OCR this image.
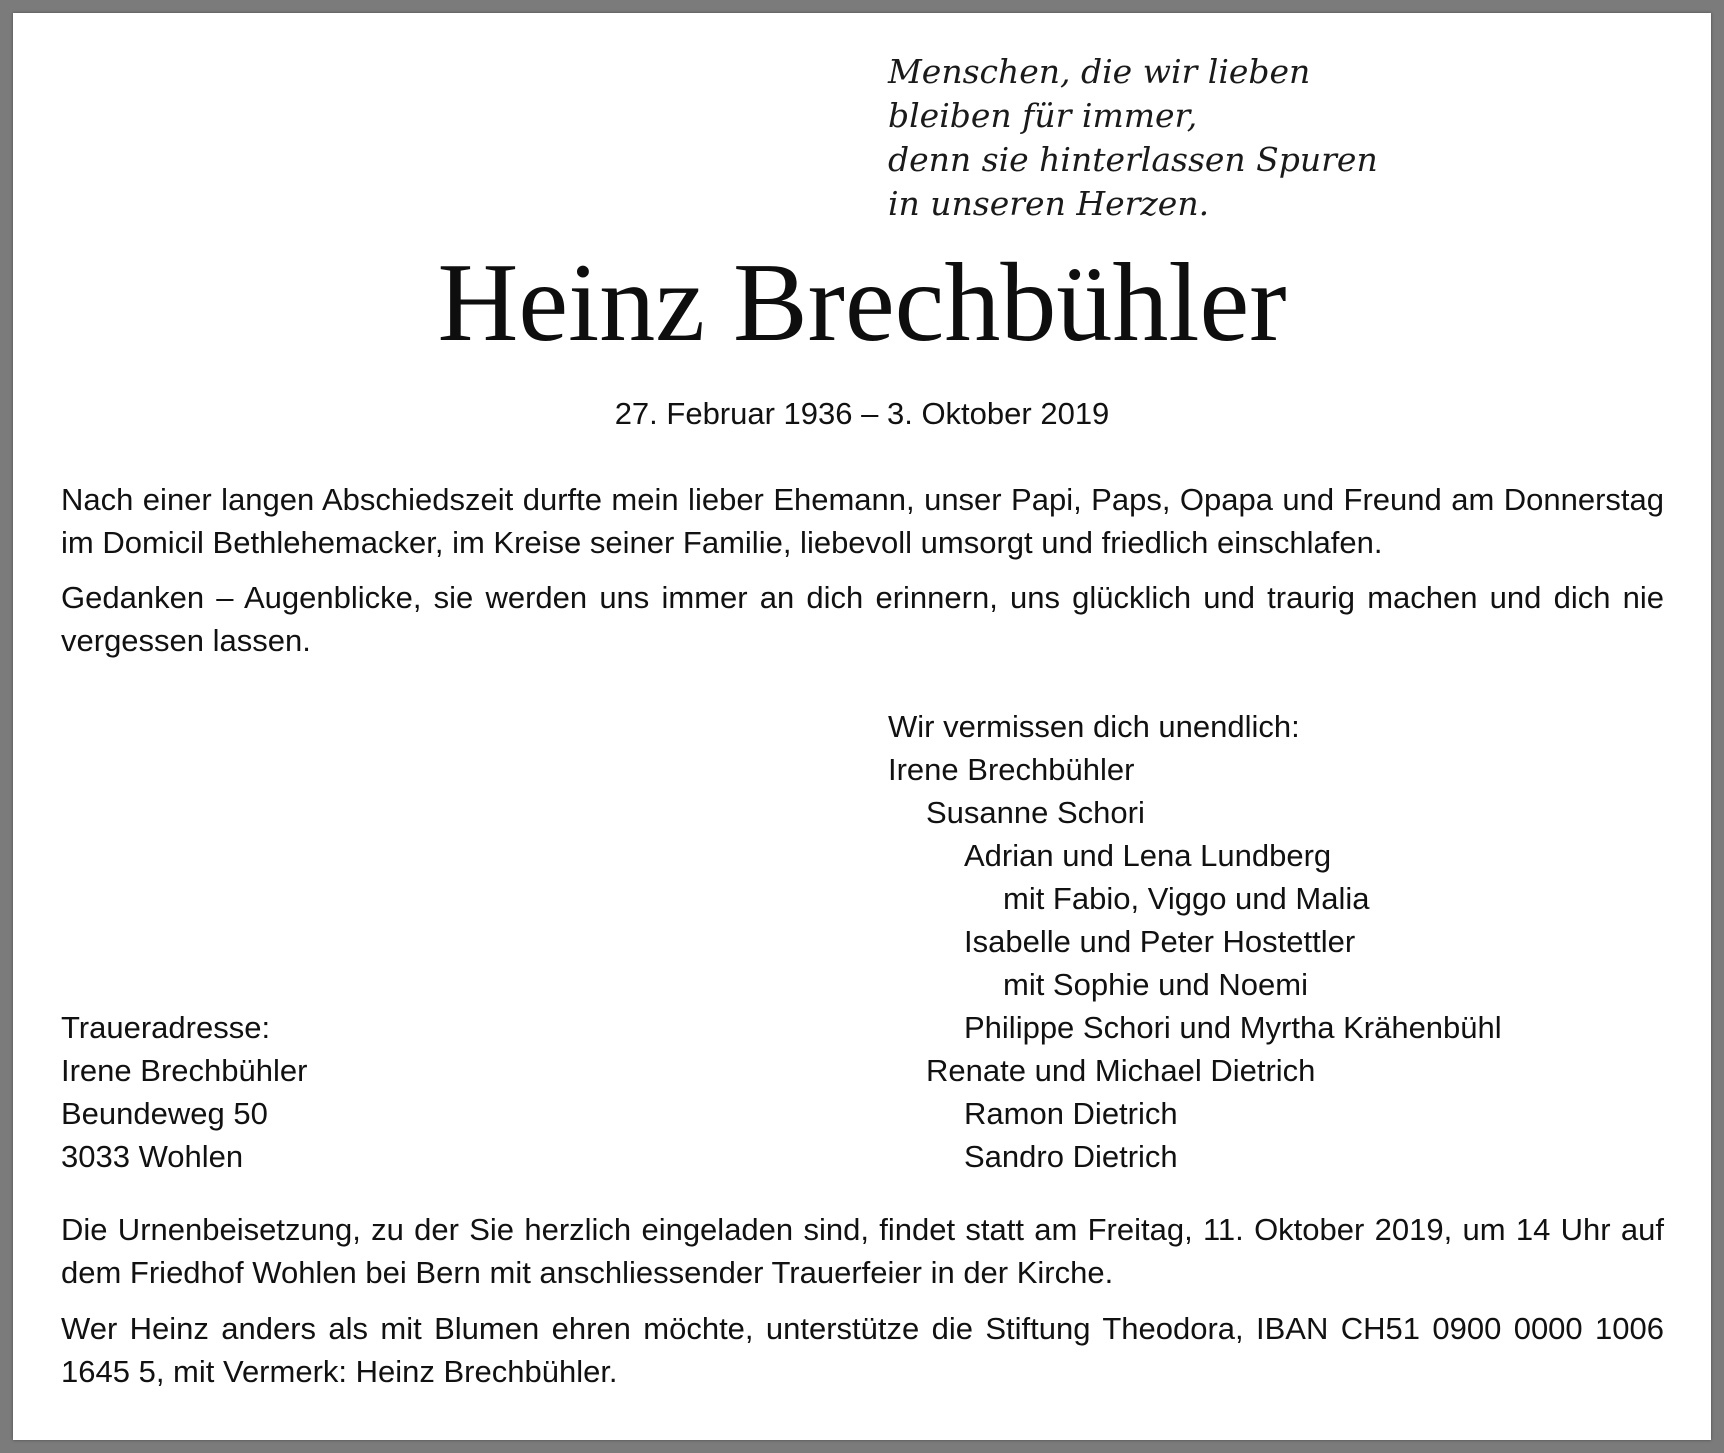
Menschen, die wir lieben
bleiben für immer,
denn sie hinterlassen Spuren
in unseren Herzen.
Heinz Brechbühler
27. Februar 1936 – 3. Oktober 2019
Nach einer langen Abschiedszeit durfte mein lieber Ehemann, unser Papi, Paps, Opapa und Freund am Donnerstag im Domicil Bethlehemacker, im Kreise seiner Familie, liebevoll umsorgt und friedlich einschlafen.
Gedanken – Augenblicke, sie werden uns immer an dich erinnern, uns glücklich und traurig machen und dich nie vergessen lassen.
Wir vermissen dich unendlich:
Irene Brechbühler
Susanne Schori
Adrian und Lena Lundberg
mit Fabio, Viggo und Malia
Isabelle und Peter Hostettler
mit Sophie und Noemi
Philippe Schori und Myrtha Krähenbühl
Renate und Michael Dietrich
Ramon Dietrich
Sandro Dietrich
Traueradresse:
Irene Brechbühler
Beundeweg 50
3033 Wohlen
Die Urnenbeisetzung, zu der Sie herzlich eingeladen sind, findet statt am Freitag, 11. Oktober 2019, um 14 Uhr auf dem Friedhof Wohlen bei Bern mit anschliessender Trauerfeier in der Kirche.
Wer Heinz anders als mit Blumen ehren möchte, unterstütze die Stiftung Theodora, IBAN CH51 0900 0000 1006 1645 5, mit Vermerk: Heinz Brechbühler.
